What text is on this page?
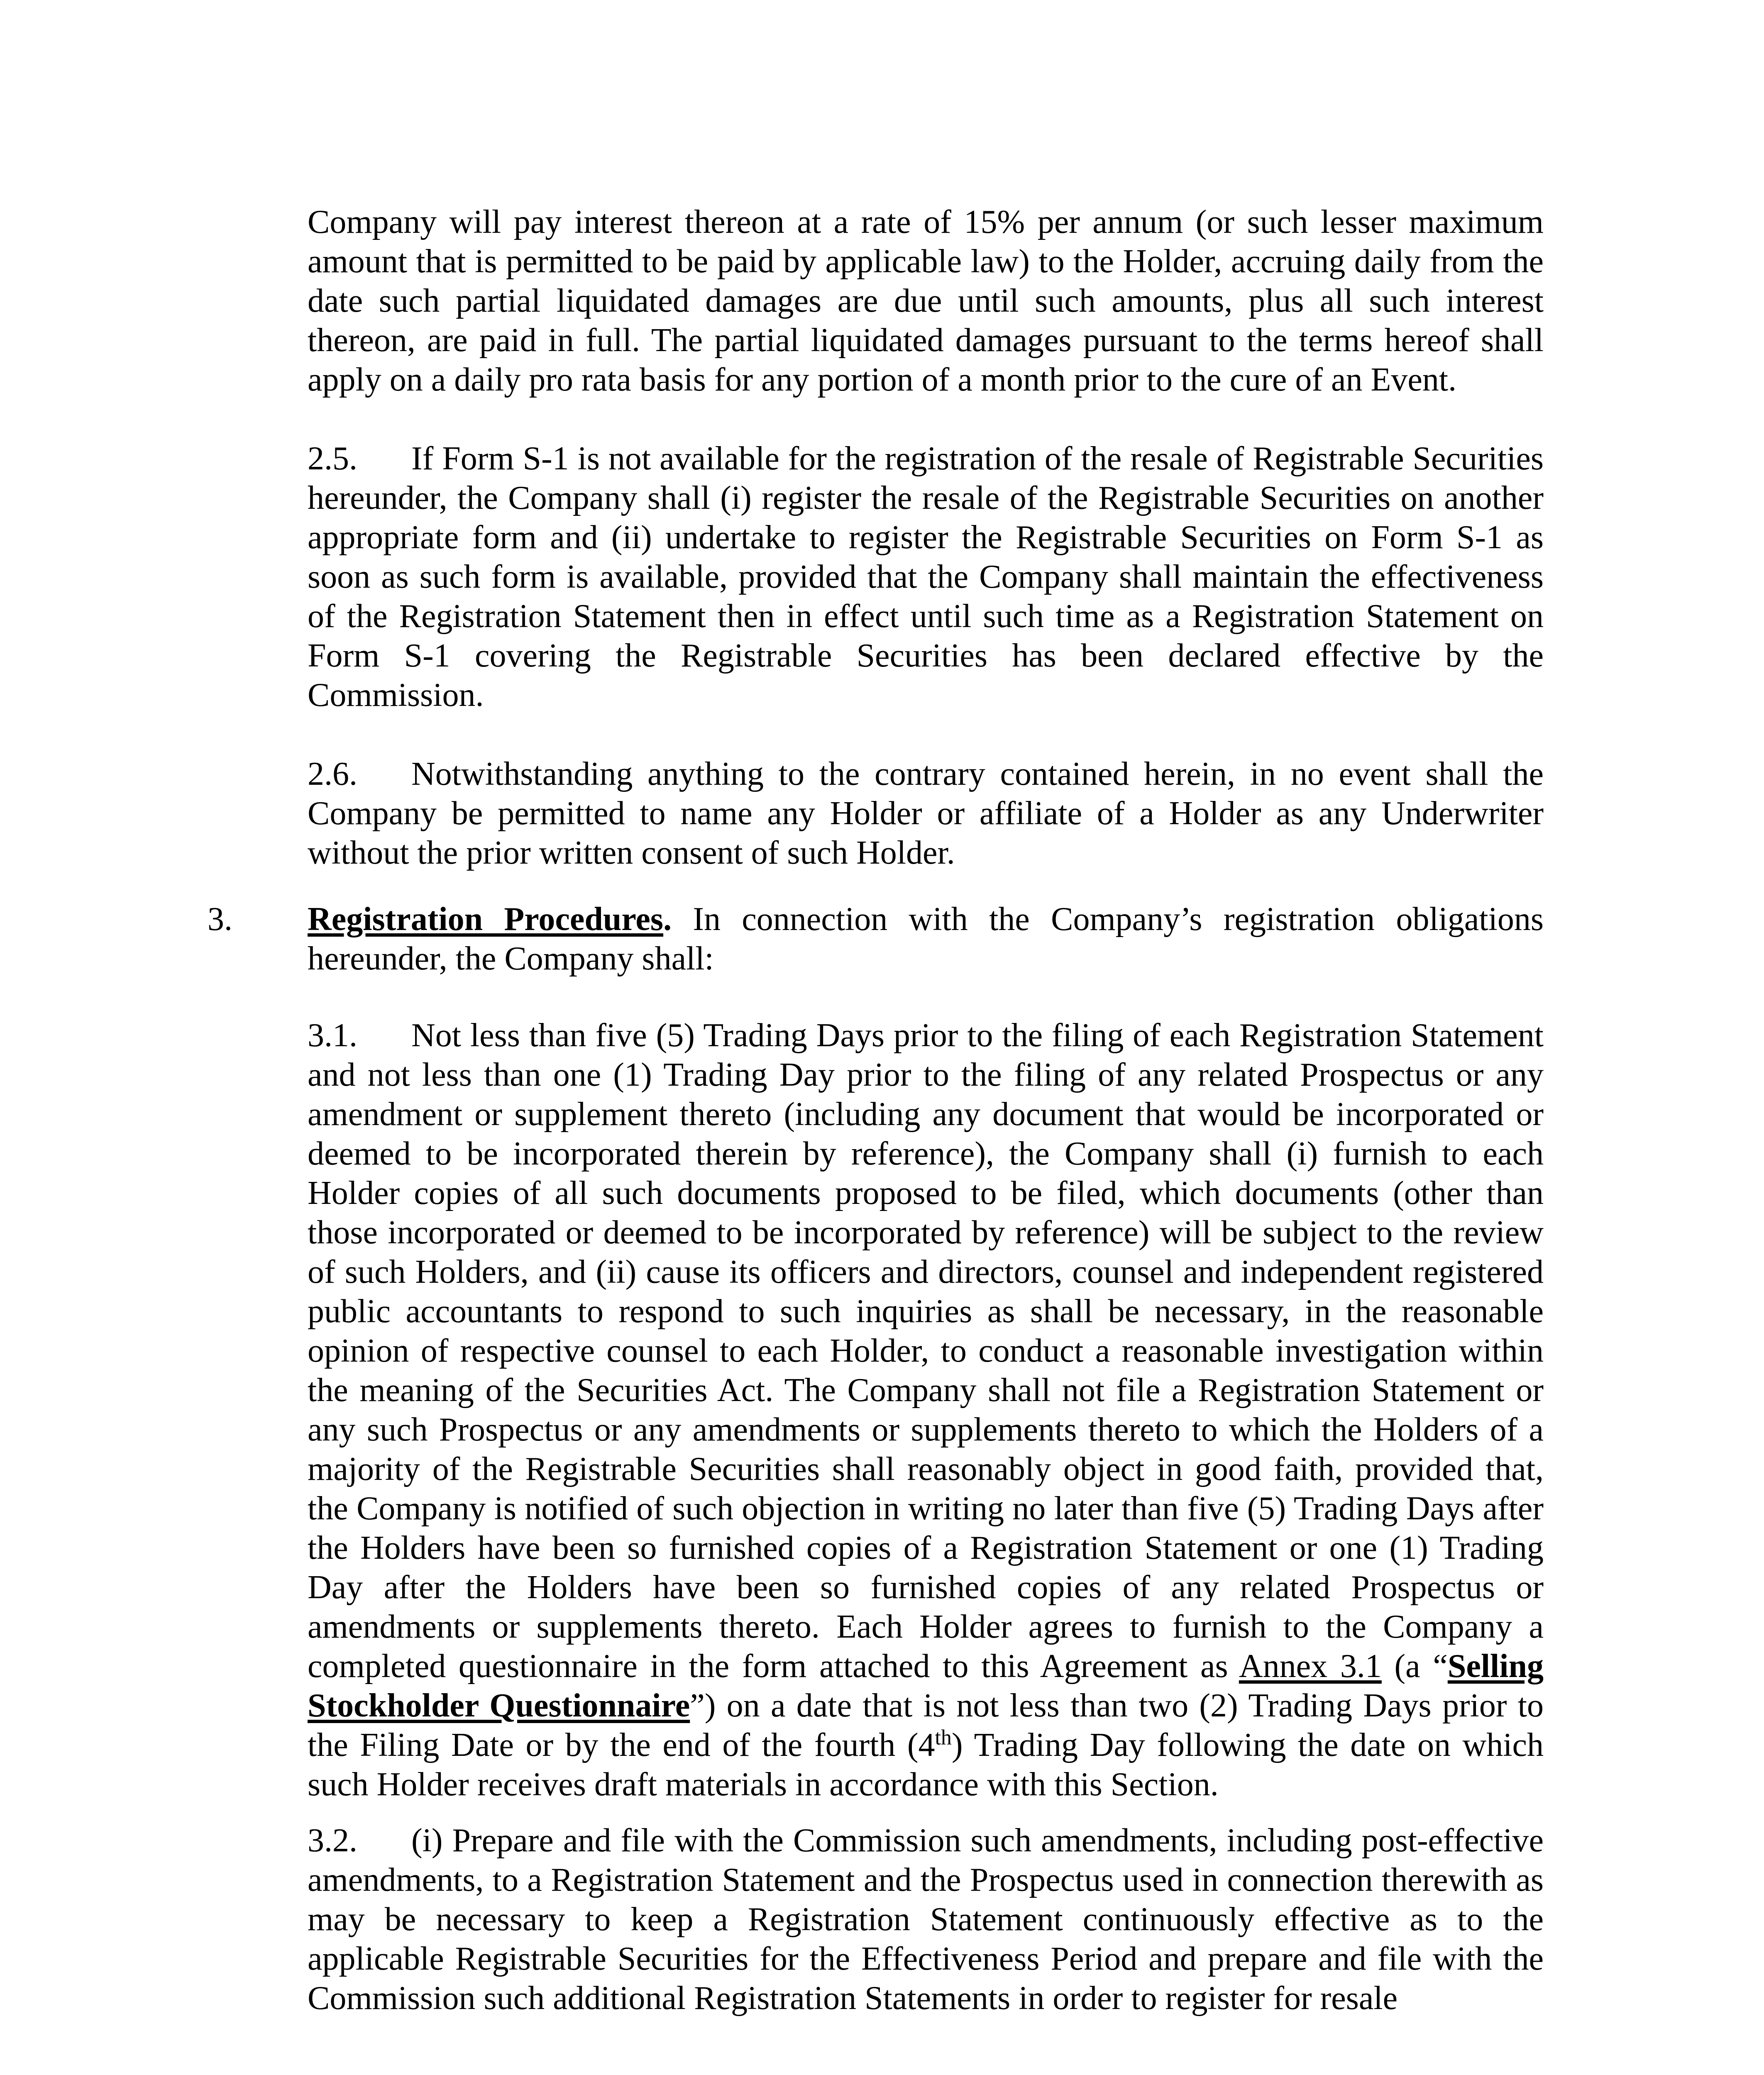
Company will pay interest thereon at a rate of 15% per annum (or such lesser maximum amount that is permitted to be paid by applicable law) to the Holder, accruing daily from the date such partial liquidated damages are due until such amounts, plus all such interest thereon, are paid in full. The partial liquidated damages pursuant to the terms hereof shall apply on a daily pro rata basis for any portion of a month prior to the cure of an Event.

2.5. If Form S-1 is not available for the registration of the resale of Registrable Securities hereunder, the Company shall (i) register the resale of the Registrable Securities on another appropriate form and (ii) undertake to register the Registrable Securities on Form S-1 as soon as such form is available, provided that the Company shall maintain the effectiveness of the Registration Statement then in effect until such time as a Registration Statement on Form S-1 covering the Registrable Securities has been declared effective by the Commission.

2.6. Notwithstanding anything to the contrary contained herein, in no event shall the Company be permitted to name any Holder or affiliate of a Holder as any Underwriter without the prior written consent of such Holder.

3. Registration Procedures. In connection with the Company’s registration obligations hereunder, the Company shall:

3.1. Not less than five (5) Trading Days prior to the filing of each Registration Statement and not less than one (1) Trading Day prior to the filing of any related Prospectus or any amendment or supplement thereto (including any document that would be incorporated or deemed to be incorporated therein by reference), the Company shall (i) furnish to each Holder copies of all such documents proposed to be filed, which documents (other than those incorporated or deemed to be incorporated by reference) will be subject to the review of such Holders, and (ii) cause its officers and directors, counsel and independent registered public accountants to respond to such inquiries as shall be necessary, in the reasonable opinion of respective counsel to each Holder, to conduct a reasonable investigation within the meaning of the Securities Act. The Company shall not file a Registration Statement or any such Prospectus or any amendments or supplements thereto to which the Holders of a majority of the Registrable Securities shall reasonably object in good faith, provided that, the Company is notified of such objection in writing no later than five (5) Trading Days after the Holders have been so furnished copies of a Registration Statement or one (1) Trading Day after the Holders have been so furnished copies of any related Prospectus or amendments or supplements thereto. Each Holder agrees to furnish to the Company a completed questionnaire in the form attached to this Agreement as Annex 3.1 (a “Selling Stockholder Questionnaire”) on a date that is not less than two (2) Trading Days prior to the Filing Date or by the end of the fourth (4th) Trading Day following the date on which such Holder receives draft materials in accordance with this Section.

3.2. (i) Prepare and file with the Commission such amendments, including post-effective amendments, to a Registration Statement and the Prospectus used in connection therewith as may be necessary to keep a Registration Statement continuously effective as to the applicable Registrable Securities for the Effectiveness Period and prepare and file with the Commission such additional Registration Statements in order to register for resale
